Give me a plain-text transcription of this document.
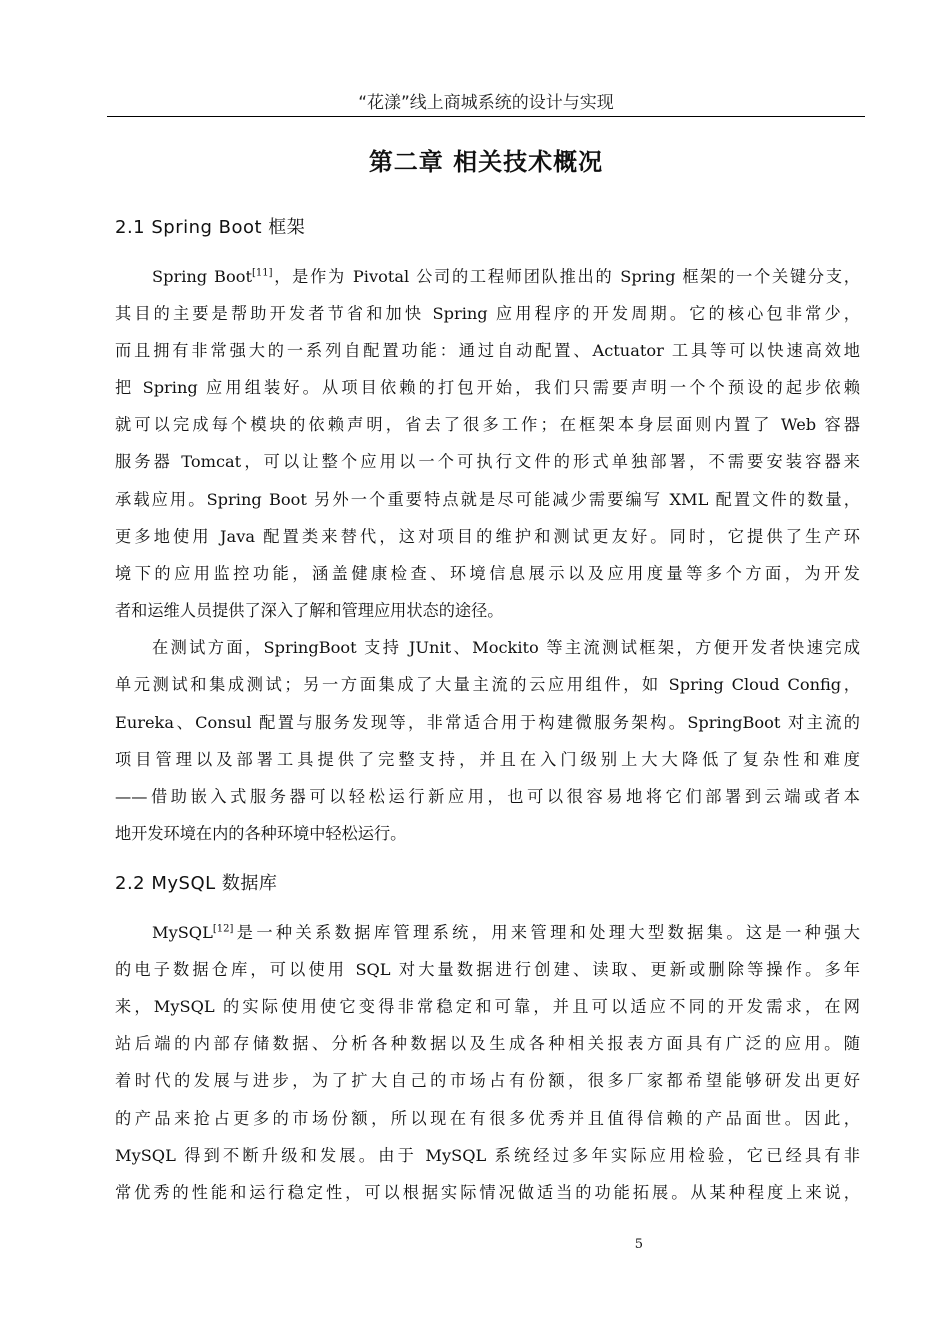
“花漾”线上商城系统的设计与实现
第二章 相关技术概况
2.1 Spring Boot 框架
Spring Boot[11]，是作为 Pivotal 公司的工程师团队推出的 Spring 框架的一个关键分支，
其目的主要是帮助开发者节省和加快 Spring 应用程序的开发周期。它的核心包非常少，
而且拥有非常强大的一系列自配置功能：通过自动配置、Actuator 工具等可以快速高效地
把 Spring 应用组装好。从项目依赖的打包开始，我们只需要声明一个个预设的起步依赖
就可以完成每个模块的依赖声明，省去了很多工作；在框架本身层面则内置了 Web 容器
服务器 Tomcat，可以让整个应用以一个可执行文件的形式单独部署，不需要安装容器来
承载应用。Spring Boot 另外一个重要特点就是尽可能减少需要编写 XML 配置文件的数量，
更多地使用 Java 配置类来替代，这对项目的维护和测试更友好。同时，它提供了生产环
境下的应用监控功能，涵盖健康检查、环境信息展示以及应用度量等多个方面，为开发
者和运维人员提供了深入了解和管理应用状态的途径。
在测试方面，SpringBoot 支持 JUnit、Mockito 等主流测试框架，方便开发者快速完成
单元测试和集成测试；另一方面集成了大量主流的云应用组件，如 Spring Cloud Config，
Eureka、Consul 配置与服务发现等，非常适合用于构建微服务架构。SpringBoot 对主流的
项目管理以及部署工具提供了完整支持，并且在入门级别上大大降低了复杂性和难度
——借助嵌入式服务器可以轻松运行新应用，也可以很容易地将它们部署到云端或者本
地开发环境在内的各种环境中轻松运行。
2.2 MySQL 数据库
MySQL[12]是一种关系数据库管理系统，用来管理和处理大型数据集。这是一种强大
的电子数据仓库，可以使用 SQL 对大量数据进行创建、读取、更新或删除等操作。多年
来，MySQL 的实际使用使它变得非常稳定和可靠，并且可以适应不同的开发需求，在网
站后端的内部存储数据、分析各种数据以及生成各种相关报表方面具有广泛的应用。随
着时代的发展与进步，为了扩大自己的市场占有份额，很多厂家都希望能够研发出更好
的产品来抢占更多的市场份额，所以现在有很多优秀并且值得信赖的产品面世。因此，
MySQL 得到不断升级和发展。由于 MySQL 系统经过多年实际应用检验，它已经具有非
常优秀的性能和运行稳定性，可以根据实际情况做适当的功能拓展。从某种程度上来说，
5
